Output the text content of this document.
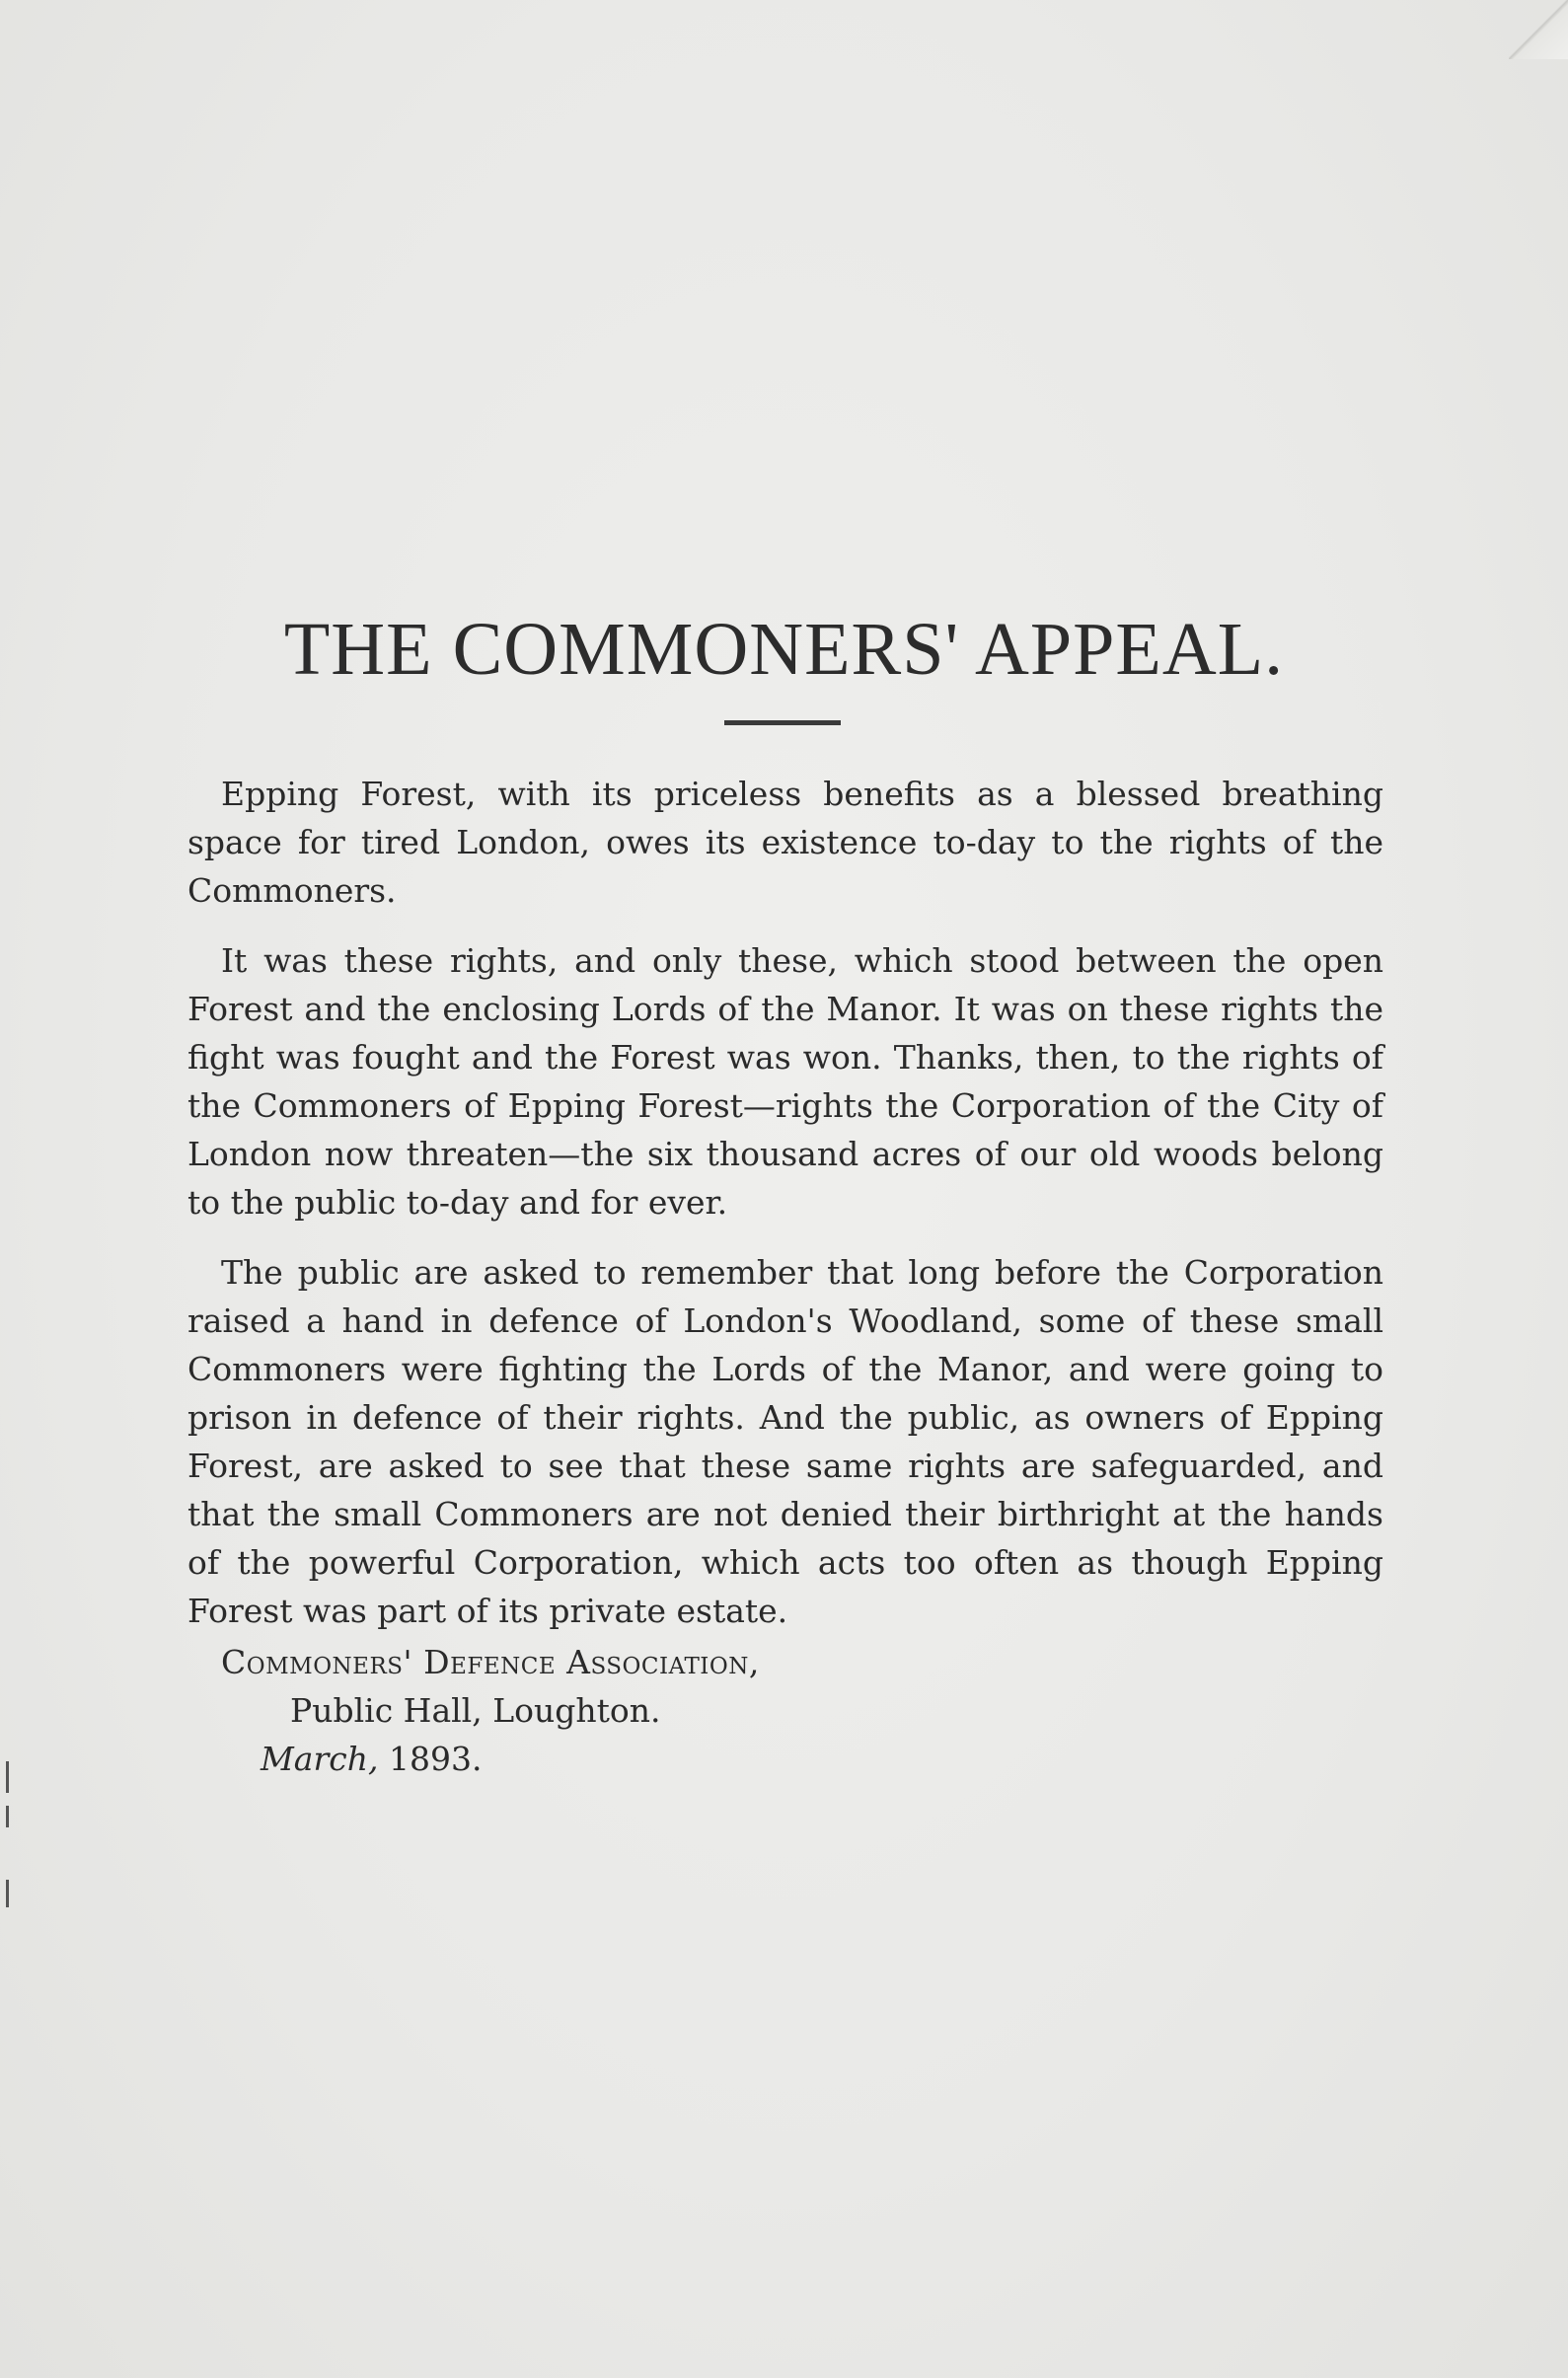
THE COMMONERS' APPEAL.

Epping Forest, with its priceless benefits as a blessed breathing space for tired London, owes its existence to-day to the rights of the Commoners.

It was these rights, and only these, which stood between the open Forest and the enclosing Lords of the Manor. It was on these rights the fight was fought and the Forest was won. Thanks, then, to the rights of the Commoners of Epping Forest—rights the Corporation of the City of London now threaten—the six thousand acres of our old woods belong to the public to-day and for ever.

The public are asked to remember that long before the Corporation raised a hand in defence of London's Woodland, some of these small Commoners were fighting the Lords of the Manor, and were going to prison in defence of their rights. And the public, as owners of Epping Forest, are asked to see that these same rights are safeguarded, and that the small Commoners are not denied their birthright at the hands of the powerful Corporation, which acts too often as though Epping Forest was part of its private estate.

Commoners' Defence Association,
Public Hall, Loughton.
March, 1893.
